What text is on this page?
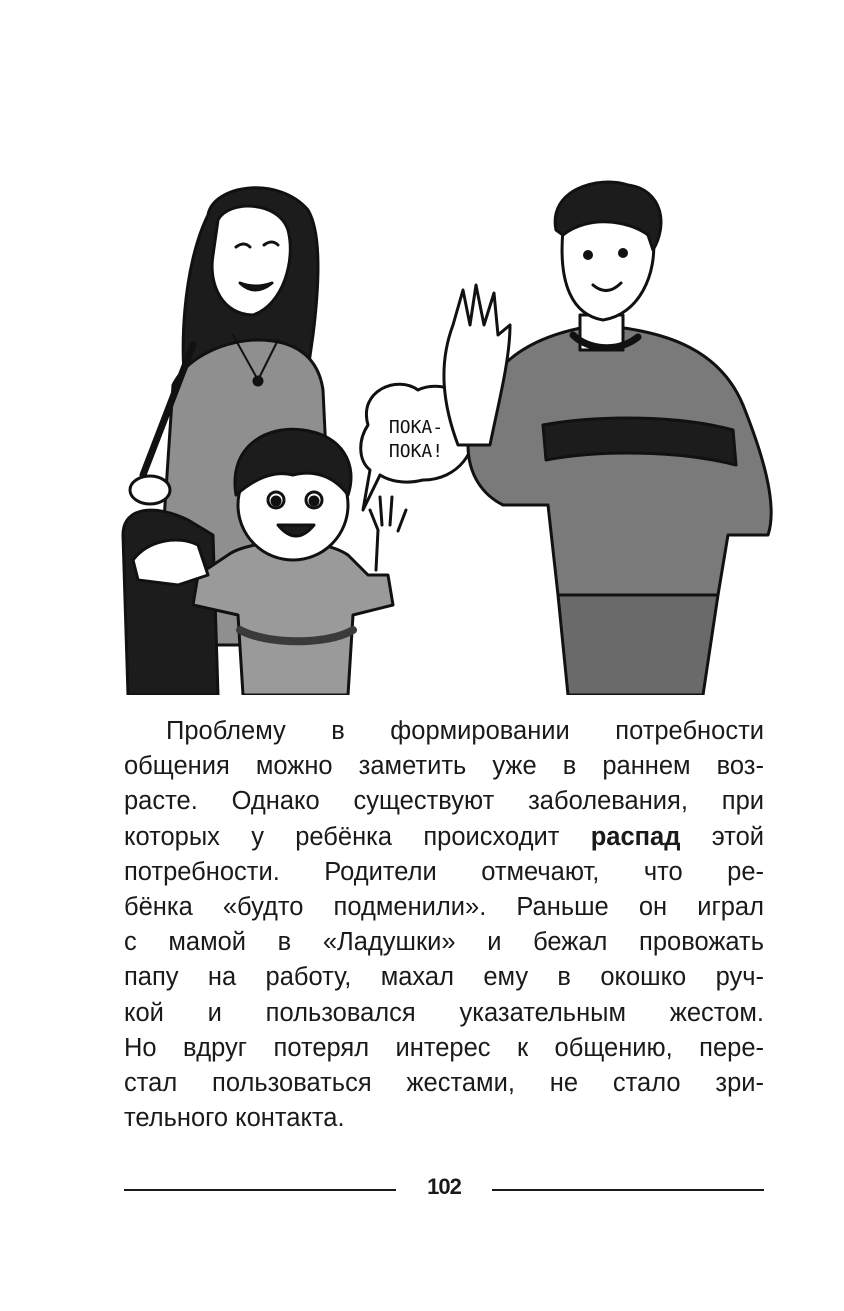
ПОКА-
ПОКА!
Проблему в формировании потребности
общения можно заметить уже в раннем воз-
расте. Однако существуют заболевания, при
которых у ребёнка происходит распад этой
потребности. Родители отмечают, что ре-
бёнка «будто подменили». Раньше он играл
с мамой в «Ладушки» и бежал провожать
папу на работу, махал ему в окошко руч-
кой и пользовался указательным жестом.
Но вдруг потерял интерес к общению, пере-
стал пользоваться жестами, не стало зри-
тельного контакта.
102
